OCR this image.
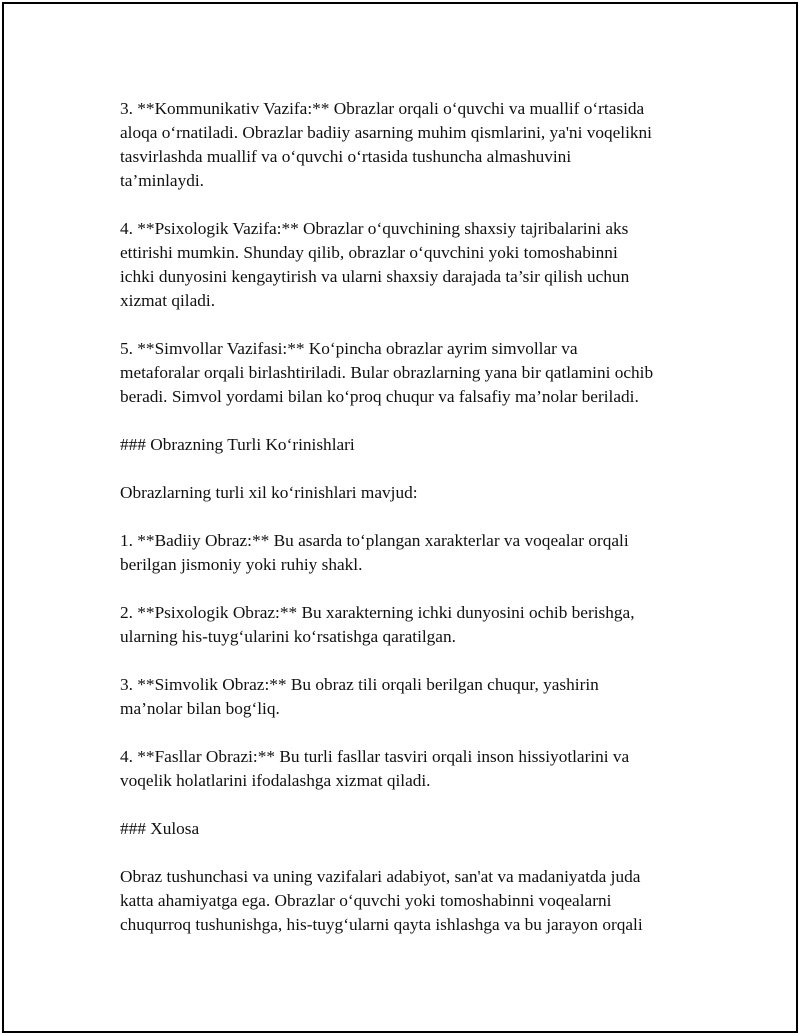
3. **Kommunikativ Vazifa:** Obrazlar orqali o‘quvchi va muallif o‘rtasida
aloqa o‘rnatiladi. Obrazlar badiiy asarning muhim qismlarini, ya'ni voqelikni
tasvirlashda muallif va o‘quvchi o‘rtasida tushuncha almashuvini
ta’minlaydi.

4. **Psixologik Vazifa:** Obrazlar o‘quvchining shaxsiy tajribalarini aks
ettirishi mumkin. Shunday qilib, obrazlar o‘quvchini yoki tomoshabinni
ichki dunyosini kengaytirish va ularni shaxsiy darajada ta’sir qilish uchun
xizmat qiladi.

5. **Simvollar Vazifasi:** Ko‘pincha obrazlar ayrim simvollar va
metaforalar orqali birlashtiriladi. Bular obrazlarning yana bir qatlamini ochib
beradi. Simvol yordami bilan ko‘proq chuqur va falsafiy ma’nolar beriladi.

### Obrazning Turli Ko‘rinishlari

Obrazlarning turli xil ko‘rinishlari mavjud:

1. **Badiiy Obraz:** Bu asarda to‘plangan xarakterlar va voqealar orqali
berilgan jismoniy yoki ruhiy shakl.

2. **Psixologik Obraz:** Bu xarakterning ichki dunyosini ochib berishga,
ularning his-tuyg‘ularini ko‘rsatishga qaratilgan.

3. **Simvolik Obraz:** Bu obraz tili orqali berilgan chuqur, yashirin
ma’nolar bilan bog‘liq.

4. **Fasllar Obrazi:** Bu turli fasllar tasviri orqali inson hissiyotlarini va
voqelik holatlarini ifodalashga xizmat qiladi.

### Xulosa

Obraz tushunchasi va uning vazifalari adabiyot, san'at va madaniyatda juda
katta ahamiyatga ega. Obrazlar o‘quvchi yoki tomoshabinni voqealarni
chuqurroq tushunishga, his-tuyg‘ularni qayta ishlashga va bu jarayon orqali
